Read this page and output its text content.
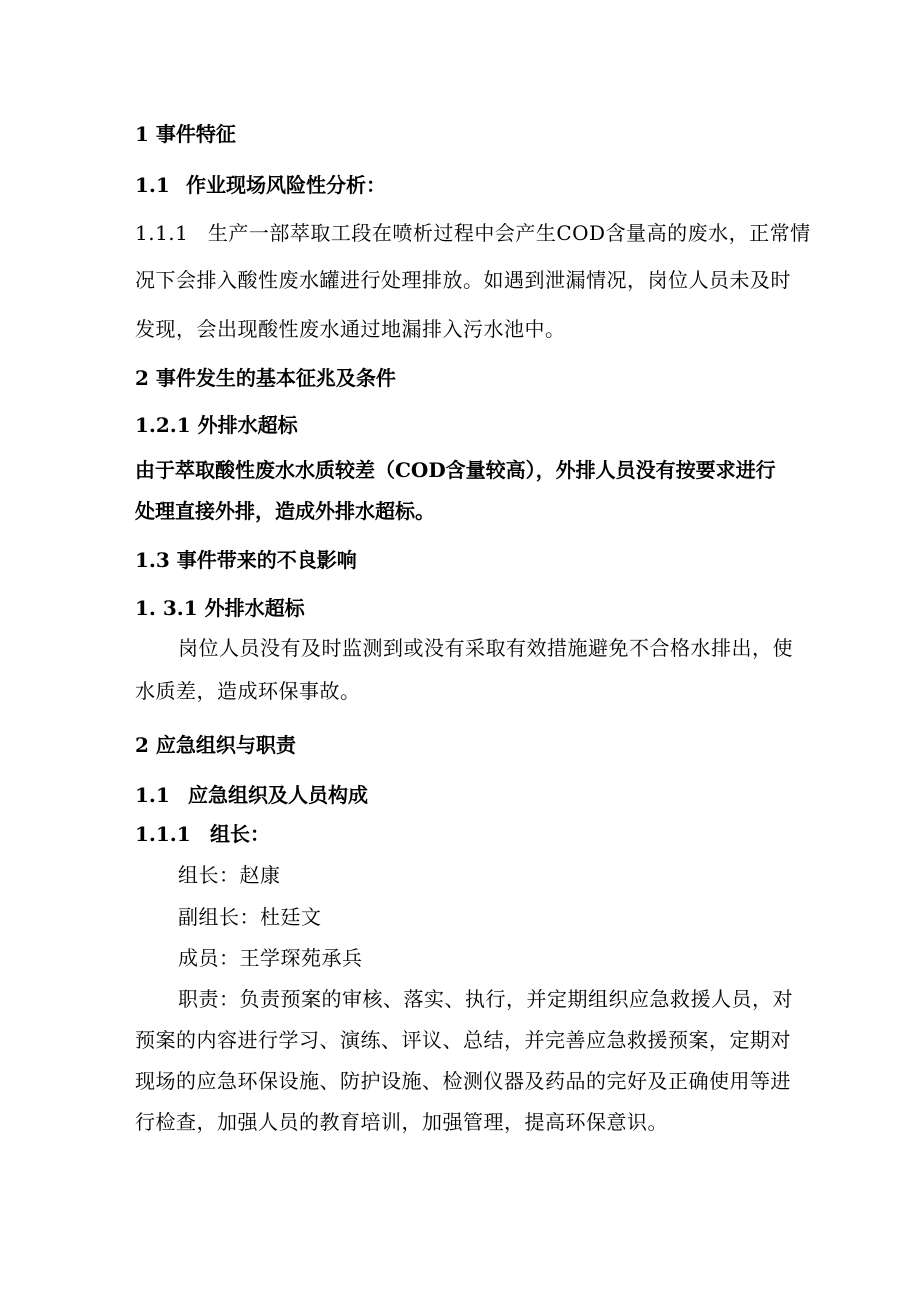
1 事件特征
1.1 作业现场风险性分析：
1.1.1 生产一部萃取工段在喷析过程中会产生COD含量高的废水，正常情
况下会排入酸性废水罐进行处理排放。如遇到泄漏情况，岗位人员未及时
发现，会出现酸性废水通过地漏排入污水池中。
2 事件发生的基本征兆及条件
1.2.1 外排水超标
由于萃取酸性废水水质较差（COD含量较高），外排人员没有按要求进行
处理直接外排，造成外排水超标。
1.3 事件带来的不良影响
1. 3.1 外排水超标
岗位人员没有及时监测到或没有采取有效措施避免不合格水排出，使
水质差，造成环保事故。
2 应急组织与职责
1.1 应急组织及人员构成
1.1.1 组长：
组长：赵康
副组长：杜廷文
成员：王学琛苑承兵
职责：负责预案的审核、落实、执行，并定期组织应急救援人员，对
预案的内容进行学习、演练、评议、总结，并完善应急救援预案，定期对
现场的应急环保设施、防护设施、检测仪器及药品的完好及正确使用等进
行检查，加强人员的教育培训，加强管理，提高环保意识。
